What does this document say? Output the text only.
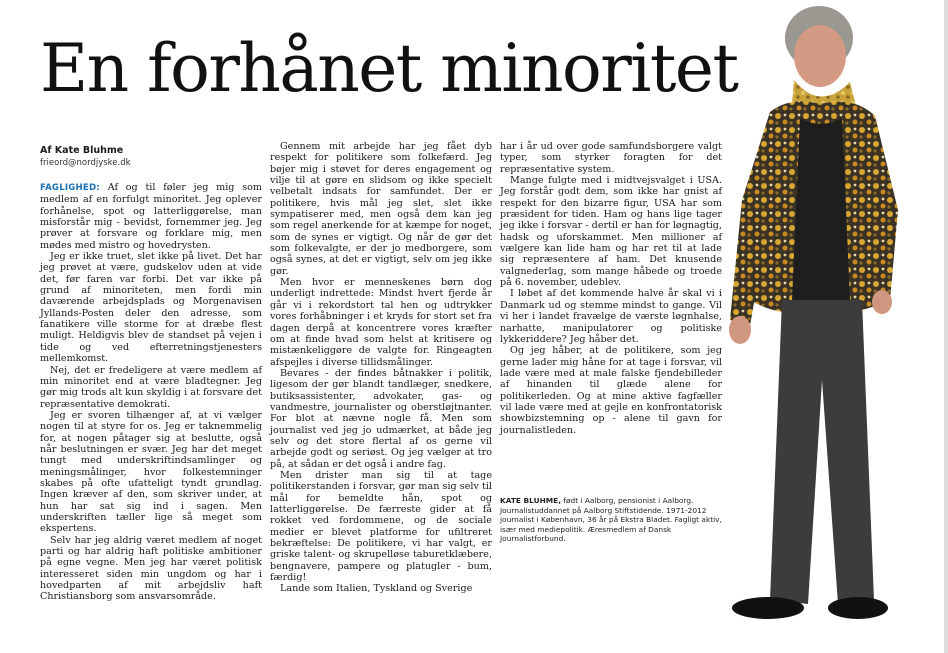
En forhånet minoritet
Af Kate Bluhme
frieord@nordjyske.dk

FAGLIGHED: Af og til føler jeg mig som medlem af en forfulgt minoritet. Jeg oplever forhånelse, spot og latterliggørelse, man misforstår mig - bevidst, fornemmer jeg. Jeg prøver at forsvare og forklare mig, men mødes med mistro og hovedrysten.

Jeg er ikke truet, slet ikke på livet. Det har jeg prøvet at være, gudskelov uden at vide det, før faren var forbi. Det var ikke på grund af minoriteten, men fordi min daværende arbejdsplads og Morgenavisen Jyllands-Posten deler den adresse, som fanatikere ville storme for at dræbe flest muligt. Heldigvis blev de standset på vejen i tide og ved efterretningstjenesters mellemkomst.

Nej, det er fredeligere at være medlem af min minoritet end at være bladtegner. Jeg gør mig trods alt kun skyldig i at forsvare det repræsentative demokrati.

Jeg er svoren tilhænger af, at vi vælger nogen til at styre for os. Jeg er taknemmelig for, at nogen påtager sig at beslutte, også når beslutningen er svær. Jeg har det meget tungt med underskriftindsamlinger og meningsmålinger, hvor folkestemninger skabes på ofte ufatteligt tyndt grundlag. Ingen kræver af den, som skriver under, at hun har sat sig ind i sagen. Men underskriften tæller lige så meget som ekspertens.

Selv har jeg aldrig været medlem af noget parti og har aldrig haft politiske ambitioner på egne vegne. Men jeg har været politisk interesseret siden min ungdom og har i hovedparten af mit arbejdsliv haft Christiansborg som ansvarsområde.

Gennem mit arbejde har jeg fået dyb respekt for politikere som folkefærd. Jeg bøjer mig i støvet for deres engagement og vilje til at gøre en slidsom og ikke specielt velbetalt indsats for samfundet. Der er politikere, hvis mål jeg slet, slet ikke sympatiserer med, men også dem kan jeg som regel anerkende for at kæmpe for noget, som de synes er vigtigt. Og når de gør det som folkevalgte, er der jo medborgere, som også synes, at det er vigtigt, selv om jeg ikke gør.

Men hvor er menneskenes børn dog underligt indrettede: Mindst hvert fjerde år går vi i rekordstort tal hen og udtrykker vores forhåbninger i et kryds for stort set fra dagen derpå at koncentrere vores kræfter om at finde hvad som helst at kritisere og mistænkeliggøre de valgte for. Ringeagten afspejles i diverse tillidsmålinger.

Bevares - der findes båtnakker i politik, ligesom der gør blandt tandlæger, snedkere, butiksassistenter, advokater, gas- og vandmestre, journalister og oberstløjtnanter. For blot at nævne nogle få. Men som journalist ved jeg jo udmærket, at både jeg selv og det store flertal af os gerne vil arbejde godt og seriøst. Og jeg vælger at tro på, at sådan er det også i andre fag.

Men drister man sig til at tage politikerstanden i forsvar, gør man sig selv til mål for bemeldte hån, spot og latterliggørelse. De færreste gider at få rokket ved fordommene, og de sociale medier er blevet platforme for ufiltreret bekræftelse: De politikere, vi har valgt, er griske talent- og skrupelløse taburetklæbere, bengnavere, pampere og platugler - bum, færdig!

Lande som Italien, Tyskland og Sverige

har i år ud over gode samfundsborgere valgt typer, som styrker foragten for det repræsentative system.

Mange fulgte med i midtvejsvalget i USA. Jeg forstår godt dem, som ikke har gnist af respekt for den bizarre figur, USA har som præsident for tiden. Ham og hans lige tager jeg ikke i forsvar - dertil er han for løgnagtig, hadsk og uforskammet. Men millioner af vælgere kan lide ham og har ret til at lade sig repræsentere af ham. Det knusende valgnederlag, som mange håbede og troede på 6. november, udeblev.

I løbet af det kommende halve år skal vi i Danmark ud og stemme mindst to gange. Vil vi her i landet fravælge de værste løgnhalse, narhatte, manipulatorer og politiske lykkeriddere? Jeg håber det.

Og jeg håber, at de politikere, som jeg gerne lader mig hånе for at tage i forsvar, vil lade være med at male falske fjendebilleder af hinanden til glæde alene for politikerleden. Og at mine aktive fagfæller vil lade være med at gejle en konfrontatorisk showbizstemning op - alene til gavn for journalistleden.

KATE BLUHME, født i Aalborg, pensionist i Aalborg. Journalistuddannet på Aalborg Stiftstidende. 1971-2012 journalist i København, 36 år på Ekstra Bladet. Fagligt aktiv, især med mediepolitik. Æresmedlem af Dansk Journalistforbund.
